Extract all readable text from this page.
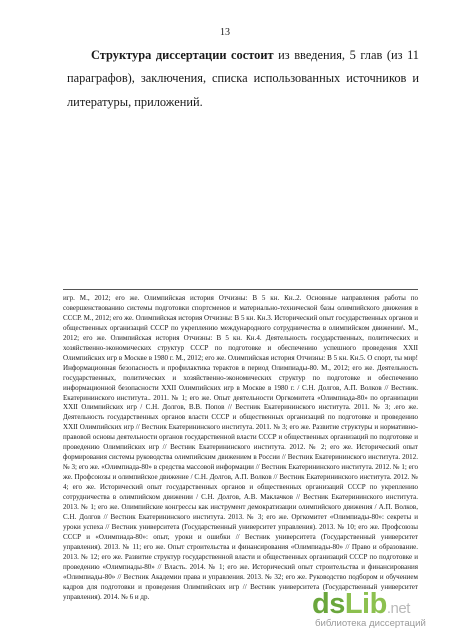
13

Структура диссертации состоит из введения, 5 глав (из 11 параграфов), заключения, списка использованных источников и литературы, приложений.

игр. М., 2012; его же. Олимпийская история Отчизны: В 5 кн. Кн..2. Основные направления работы по совершенствованию системы подготовки спортсменов и материально-технической базы олимпийского движения в СССР. М., 2012; его же. Олимпийская история Отчизны: В 5 кн. Кн.3. Исторический опыт государственных органов и общественных организаций СССР по укреплению международного сотрудничества в олимпийском движении\. М., 2012; его же. Олимпийская история Отчизны: В 5 кн. Кн.4. Деятельность государственных, политических и хозяйственно-экономических структур СССР по подготовке и обеспечению успешного проведения XXII Олимпийских игр в Москве в 1980 г. М., 2012; его же. Олимпийская история Отчизны: В 5 кн. Кн.5. О спорт, ты мир! Информационная безопасность и профилактика терактов в период Олимпиады-80. М., 2012; его же. Деятельность государственных, политических и хозяйственно-экономических структур по подготовке и обеспечению информационной безопасности XXII Олимпийских игр в Москве в 1980 г. / С.Н. Долгов, А.П. Волков // Вестник. Екатерининского института.. 2011. № 1; его же. Опыт деятельности Оргкомитета «Олимпиада-80» по организации XXII Олимпийских игр / С.Н. Долгов, В.В. Попов // Вестник Екатерининского института. 2011. № 3; .его же. Деятельность государственных органов власти СССР и общественных организаций по подготовке и проведению XXII Олимпийских игр // Вестник Екатерининского института. 2011. № 3; его же. Развитие структуры и нормативно-правовой основы деятельности органов государственной власти СССР и общественных организаций по подготовке и проведению Олимпийских игр // Вестник Екатерининского института. 2012. № 2; его же. Исторический опыт формирования системы руководства олимпийским движением в России // Вестник Екатерининского института. 2012. № 3; его же. «Олимпиада-80» в средства массовой информации // Вестник Екатерининского института. 2012. № 1; его же. Профсоюзы и олимпийское движение / С.Н. Долгов, А.П. Волков // Вестник Екатерининского института. 2012. № 4; его же. Исторический опыт государственных органов и общественных организаций СССР по укреплению сотрудничества в олимпийском движении / С.Н. Долгов, А.В. Маклачков // Вестник Екатерининского института. 2013. № 1; его же. Олимпийские конгрессы как инструмент демократизации олимпийского движения / А.П. Волков, С.Н. Долгов // Вестник Екатерининского института. 2013. № 3; его же. Оргкомитет «Олимпиады-80»: секреты и уроки успеха // Вестник университета (Государственный университет управления). 2013. № 10; его же. Профсоюзы СССР и «Олимпиада-80»: опыт, уроки и ошибки // Вестник университета (Государственный университет управления). 2013. № 11; его же. Опыт строительства и финансирования «Олимпиады-80» // Право и образование. 2013. № 12; его же. Развитие структур государственной власти и общественных организаций СССР по подготовке и проведению «Олимпиады-80» // Власть. 2014. № 1; его же. Исторический опыт строительства и финансирования «Олимпиады-80» // Вестник Академии права и управления. 2013. № 32; его же. Руководство подбором и обучением кадров для подготовки и проведения Олимпийских игр // Вестник университета (Государственный университет управления). 2014. № 6 и др.	dsLib.net
библиотека диссертаций
